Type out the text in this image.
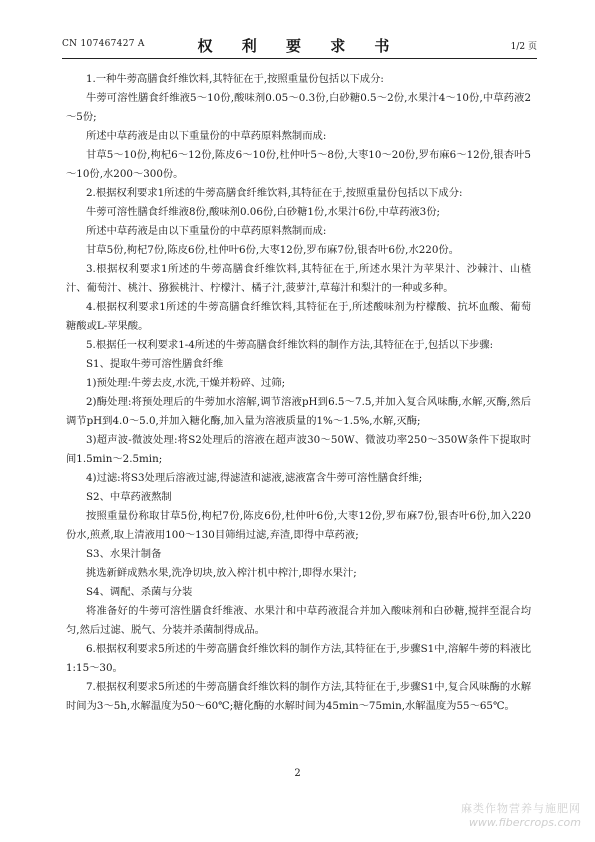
CN 107467427 A	权 利 要 求 书	1/2 页

1.一种牛蒡高膳食纤维饮料,其特征在于,按照重量份包括以下成分:

牛蒡可溶性膳食纤维液5～10份,酸味剂0.05～0.3份,白砂糖0.5～2份,水果汁4～10份,中草药液2～5份;

所述中草药液是由以下重量份的中草药原料熬制而成:

甘草5～10份,枸杞6～12份,陈皮6～10份,杜仲叶5～8份,大枣10～20份,罗布麻6～12份,银杏叶5～10份,水200～300份。

2.根据权利要求1所述的牛蒡高膳食纤维饮料,其特征在于,按照重量份包括以下成分:

牛蒡可溶性膳食纤维液8份,酸味剂0.06份,白砂糖1份,水果汁6份,中草药液3份;

所述中草药液是由以下重量份的中草药原料熬制而成:

甘草5份,枸杞7份,陈皮6份,杜仲叶6份,大枣12份,罗布麻7份,银杏叶6份,水220份。

3.根据权利要求1所述的牛蒡高膳食纤维饮料,其特征在于,所述水果汁为苹果汁、沙棘汁、山楂汁、葡萄汁、桃汁、猕猴桃汁、柠檬汁、橘子汁,菠萝汁,草莓汁和梨汁的一种或多种。

4.根据权利要求1所述的牛蒡高膳食纤维饮料,其特征在于,所述酸味剂为柠檬酸、抗坏血酸、葡萄糖酸或L-苹果酸。

5.根据任一权利要求1-4所述的牛蒡高膳食纤维饮料的制作方法,其特征在于,包括以下步骤:

S1、提取牛蒡可溶性膳食纤维

1)预处理:牛蒡去皮,水洗,干燥并粉碎、过筛;

2)酶处理:将预处理后的牛蒡加水溶解,调节溶液pH到6.5～7.5,并加入复合风味酶,水解,灭酶,然后调节pH到4.0～5.0,并加入糖化酶,加入量为溶液质量的1%～1.5%,水解,灭酶;

3)超声波-微波处理:将S2处理后的溶液在超声波30～50W、微波功率250～350W条件下提取时间1.5min～2.5min;

4)过滤:将S3处理后溶液过滤,得滤渣和滤液,滤液富含牛蒡可溶性膳食纤维;

S2、中草药液熬制

按照重量份称取甘草5份,枸杞7份,陈皮6份,杜仲叶6份,大枣12份,罗布麻7份,银杏叶6份,加入220份水,煎煮,取上清液用100～130目筛绢过滤,弃渣,即得中草药液;

S3、水果汁制备

挑选新鲜成熟水果,洗净切块,放入榨汁机中榨汁,即得水果汁;

S4、调配、杀菌与分装

将准备好的牛蒡可溶性膳食纤维液、水果汁和中草药液混合并加入酸味剂和白砂糖,搅拌至混合均匀,然后过滤、脱气、分装并杀菌制得成品。

6.根据权利要求5所述的牛蒡高膳食纤维饮料的制作方法,其特征在于,步骤S1中,溶解牛蒡的料液比1:15～30。

7.根据权利要求5所述的牛蒡高膳食纤维饮料的制作方法,其特征在于,步骤S1中,复合风味酶的水解时间为3～5h,水解温度为50～60℃;糖化酶的水解时间为45min～75min,水解温度为55～65℃。

2
麻类作物营养与施肥网
www.fibercrops.com
